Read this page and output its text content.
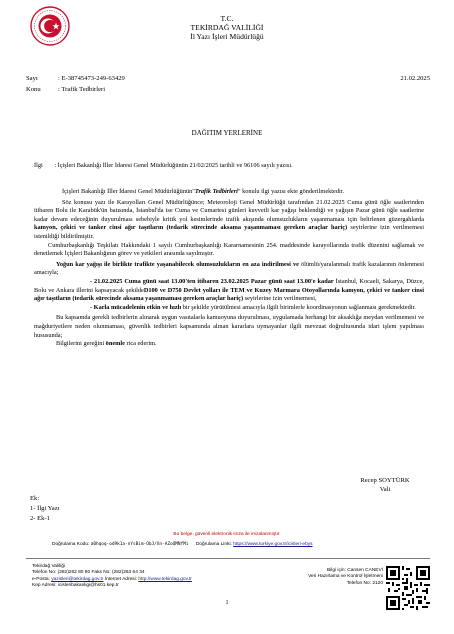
T.C.
TEKİRDAĞ VALİLİĞİ
İl Yazı İşleri Müdürlüğü
Sayı	: E-38745473-249-63429	21.02.2025
Konu	: Trafik Tedbirleri
DAĞITIM YERLERİNE
İlgi : İçişleri Bakanlığı İller İdaresi Genel Müdürlüğünün 21/02/2025 tarihli ve 96106 sayılı yazısı.

İçişleri Bakanlığı İller İdaresi Genel Müdürlüğünün"Trafik Tedbirleri" konulu ilgi yazısı ekte gönderilmektedir.

Söz konusu yazı ile Karayolları Genel Müdürlüğünce; Meteoroloji Genel Müdürlüğü tarafından 21.02.2025 Cuma günü öğle saatlerinden itibaren Bolu ile Karabük'ün batısında, İstanbul'da ise Cuma ve Cumartesi günleri kuvvetli kar yağışı beklendiği ve yağışın Pazar günü öğle saatlerine kadar devam edeceğinin duyurulması sebebiyle kritik yol kesimlerinde trafik akışında olumsuzlukların yaşanmaması için belirlenen güzergahlarda kamyon, çekici ve tanker cinsi ağır taşıtların (tedarik sürecinde aksama yaşanmaması gereken araçlar hariç) seyirlerine izin verilmemesi istenildiği bildirilmiştir.

Cumhurbaşkanlığı Teşkilatı Hakkındaki 1 sayılı Cumhurbaşkanlığı Kararnamesinin 254. maddesinde karayollarında trafik düzenini sağlamak ve denetlemek İçişleri Bakanlığının görev ve yetkileri arasında sayılmıştır.

Yoğun kar yağışı ile birlikte trafikte yaşanabilecek olumsuzlukların en aza indirilmesi ve ölümlü/yaralanmalı trafik kazalarının önlenmesi amacıyla;

- 21.02.2025 Cuma günü saat 13.00'ten itibaren 23.02.2025 Pazar günü saat 13.00'e kadar İstanbul, Kocaeli, Sakarya, Düzce, Bolu ve Ankara illerini kapsayacak şekildeD100 ve D750 Devlet yolları ile TEM ve Kuzey Marmara Otoyollarında kamyon, çekici ve tanker cinsi ağır taşıtların (tedarik sürecinde aksama yaşanmaması gereken araçlar hariç) seyirlerine izin verilmemesi,

- Karla mücadelenin etkin ve hızlı bir şekilde yürütülmesi amacıyla ilgili birimlerle koordinasyonun sağlanması gerekmektedir.

Bu kapsamda gerekli tedbirlerin alınarak uygun vasıtalarla kamuoyuna duyurulması, uygulamada herhangi bir aksaklığa meydan verilmemesi ve mağduriyetlere neden olunmaması, güvenlik tedbirleri kapsamında alınan kararlara uymayanlar ilgili mevzuat doğrultusunda idari işlem yapılması hususunda;

Bilgilerini gereğini önemle rica ederim.

Recep SOYTÜRK
Vali
Ek:
1- İlgi Yazı
2- Ek-1
Bu belge, güvenli elektronik imza ile imzalanmıştır.
Doğrulama Kodu: a0hqoq-od9k1a-nYsBim-ObJ/Xn-AZoQMNfMi Doğrulama Linki: https://www.turkiye.gov.tr/icisleri-ebys
Tekirdağ Valiliği
Telefon No: (282)262 80 80 Faks No: (282)263 64 34
e-Posta: yazisleri@tekirdag.gov.tr İnternet Adresi: http://www.tekirdag.gov.tr
Kep Adresi: icisleribakanligi@hs01.kep.tr
Bilgi için: Cansen CANEVİ
Veri Hazırlama ve Kontrol İşletmeni
Telefon No: 2120
1
